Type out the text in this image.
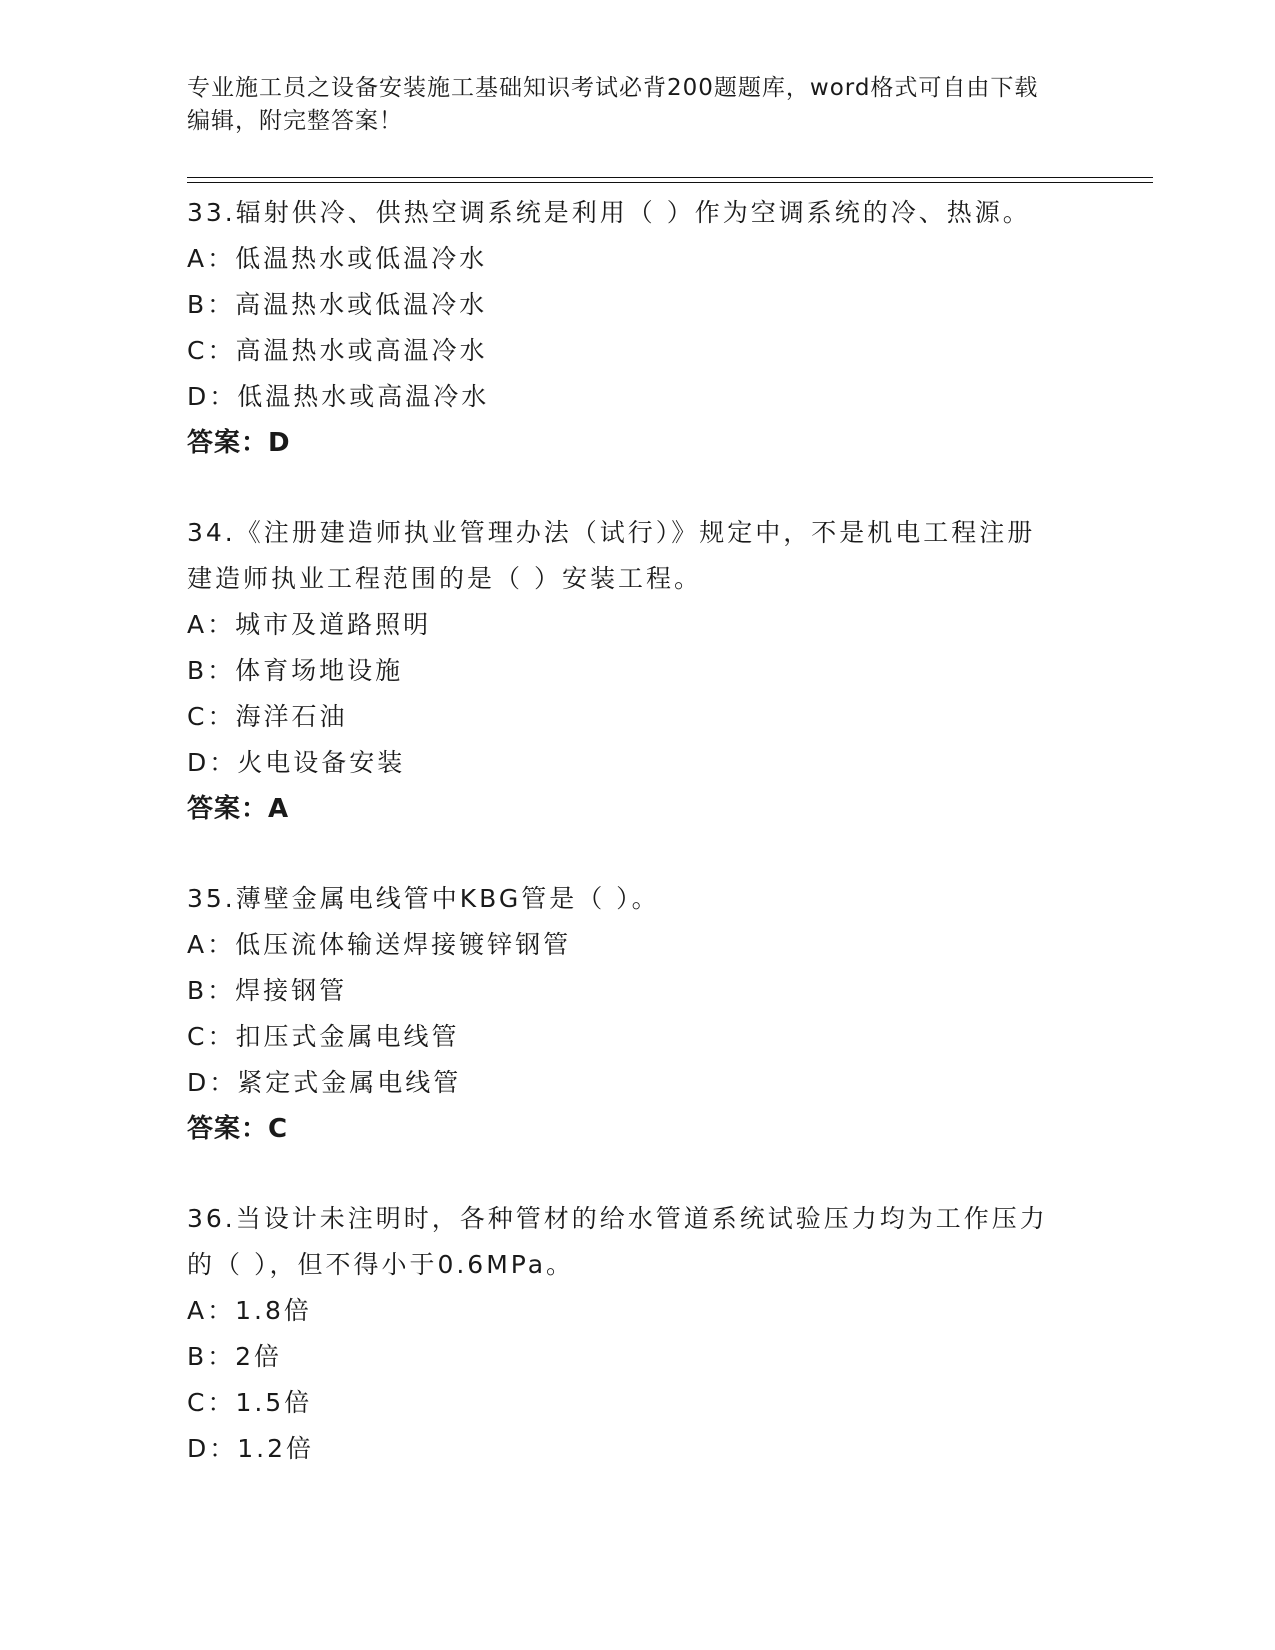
专业施工员之设备安装施工基础知识考试必背200题题库，word格式可自由下载
编辑，附完整答案！
33.辐射供冷、供热空调系统是利用（ ）作为空调系统的冷、热源。
A：低温热水或低温冷水
B：高温热水或低温冷水
C：高温热水或高温冷水
D：低温热水或高温冷水
答案：D
34.《注册建造师执业管理办法（试行）》规定中，不是机电工程注册
建造师执业工程范围的是（ ）安装工程。
A：城市及道路照明
B：体育场地设施
C：海洋石油
D：火电设备安装
答案：A
35.薄壁金属电线管中KBG管是（ ）。
A：低压流体输送焊接镀锌钢管
B：焊接钢管
C：扣压式金属电线管
D：紧定式金属电线管
答案：C
36.当设计未注明时，各种管材的给水管道系统试验压力均为工作压力
的（ ），但不得小于0.6MPa。
A：1.8倍
B：2倍
C：1.5倍
D：1.2倍
